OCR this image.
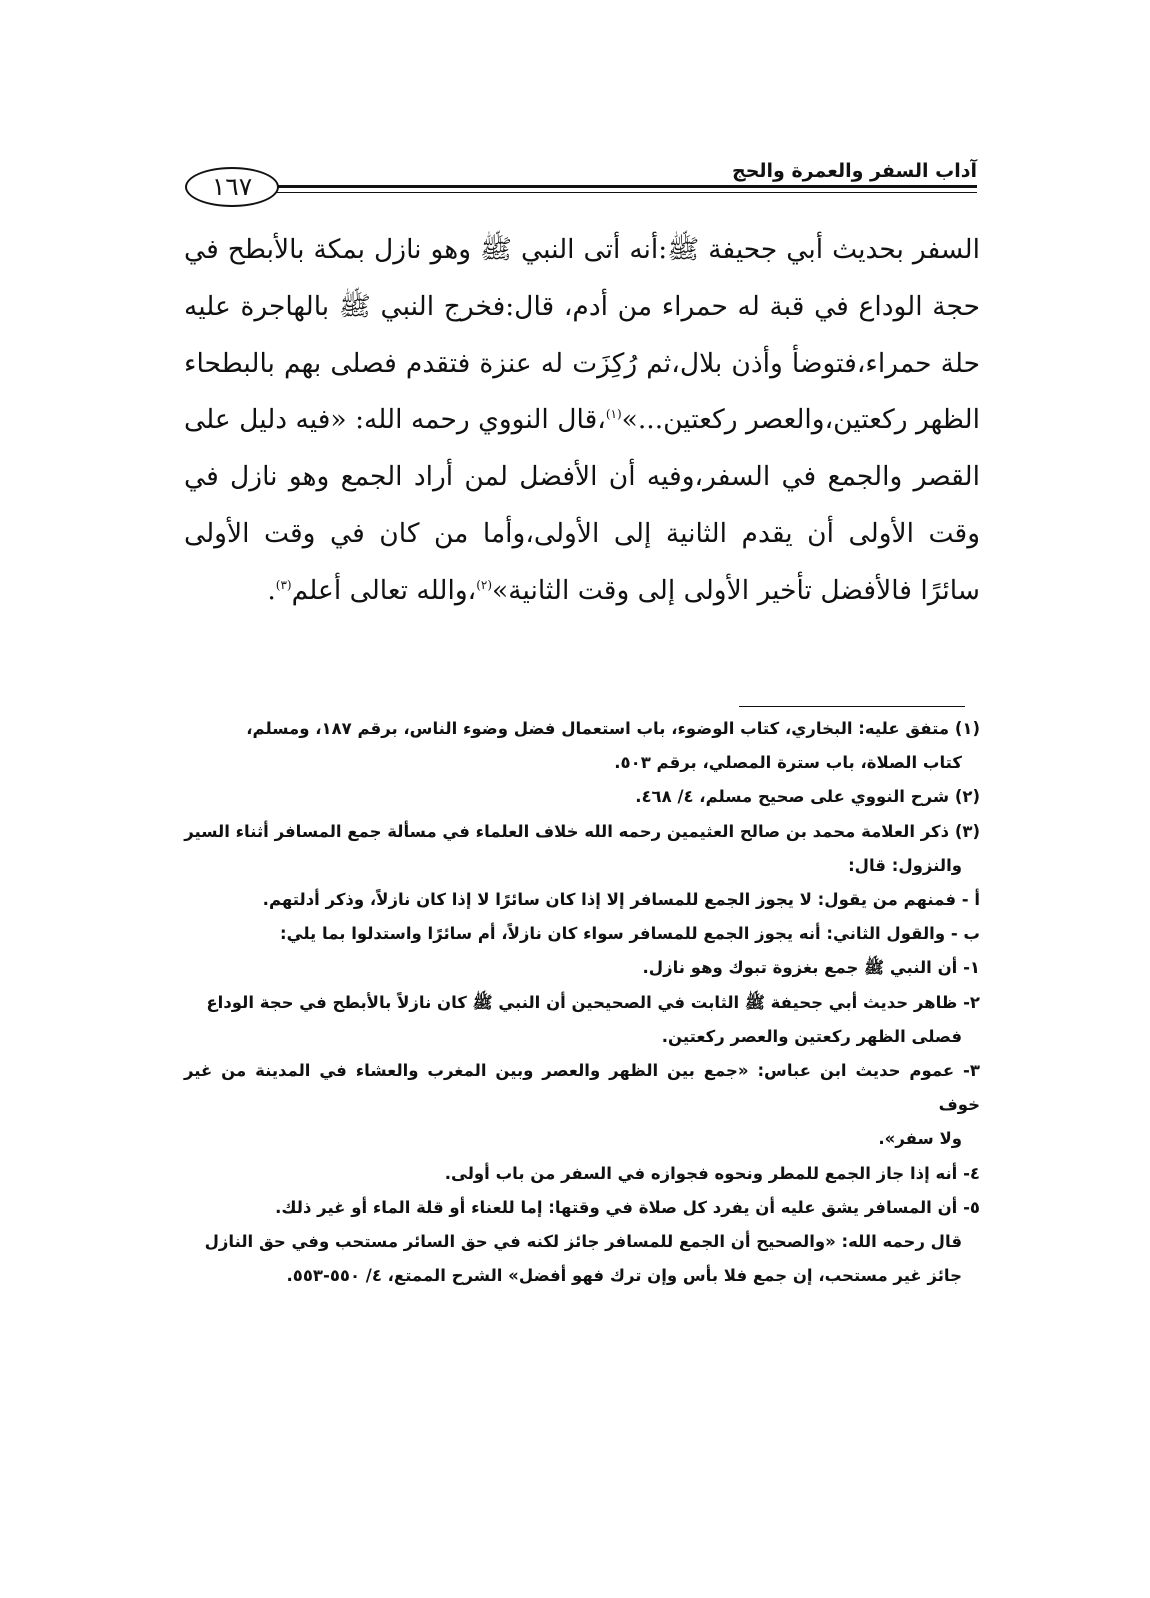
آداب السفر والعمرة والحج
١٦٧

السفر بحديث أبي جحيفة ﷺ:أنه أتى النبي ﷺ وهو نازل بمكة بالأبطح في حجة الوداع في قبة له حمراء من أدم، قال:فخرج النبي ﷺ بالهاجرة عليه حلة حمراء،فتوضأ وأذن بلال،ثم رُكِزَت له عنزة فتقدم فصلى بهم بالبطحاء الظهر ركعتين،والعصر ركعتين...»$^{(١)}$،قال النووي رحمه الله: «فيه دليل على القصر والجمع في السفر،وفيه أن الأفضل لمن أراد الجمع وهو نازل في وقت الأولى أن يقدم الثانية إلى الأولى،وأما من كان في وقت الأولى سائرًا فالأفضل تأخير الأولى إلى وقت الثانية»$^{(٢)}$،والله تعالى أعلم$^{(٣)}$.

(١) متفق عليه: البخاري، كتاب الوضوء، باب استعمال فضل وضوء الناس، برقم ١٨٧، ومسلم،

كتاب الصلاة، باب سترة المصلي، برقم ٥٠٣.

(٢) شرح النووي على صحيح مسلم، ٤/ ٤٦٨.

(٣) ذكر العلامة محمد بن صالح العثيمين رحمه الله خلاف العلماء في مسألة جمع المسافر أثناء السير

والنزول: قال:

أ - فمنهم من يقول: لا يجوز الجمع للمسافر إلا إذا كان سائرًا لا إذا كان نازلاً، وذكر أدلتهم.

ب - والقول الثاني: أنه يجوز الجمع للمسافر سواء كان نازلاً، أم سائرًا واستدلوا بما يلي:

١- أن النبي ﷺ جمع بغزوة تبوك وهو نازل.

٢- ظاهر حديث أبي جحيفة ﷺ الثابت في الصحيحين أن النبي ﷺ كان نازلاً بالأبطح في حجة الوداع

فصلى الظهر ركعتين والعصر ركعتين.

٣- عموم حديث ابن عباس: «جمع بين الظهر والعصر وبين المغرب والعشاء في المدينة من غير خوف

ولا سفر».

٤- أنه إذا جاز الجمع للمطر ونحوه فجوازه في السفر من باب أولى.

٥- أن المسافر يشق عليه أن يفرد كل صلاة في وقتها: إما للعناء أو قلة الماء أو غير ذلك.

قال رحمه الله: «والصحيح أن الجمع للمسافر جائز لكنه في حق السائر مستحب وفي حق النازل

جائز غير مستحب، إن جمع فلا بأس وإن ترك فهو أفضل» الشرح الممتع، ٤/ ٥٥٠-٥٥٣.
